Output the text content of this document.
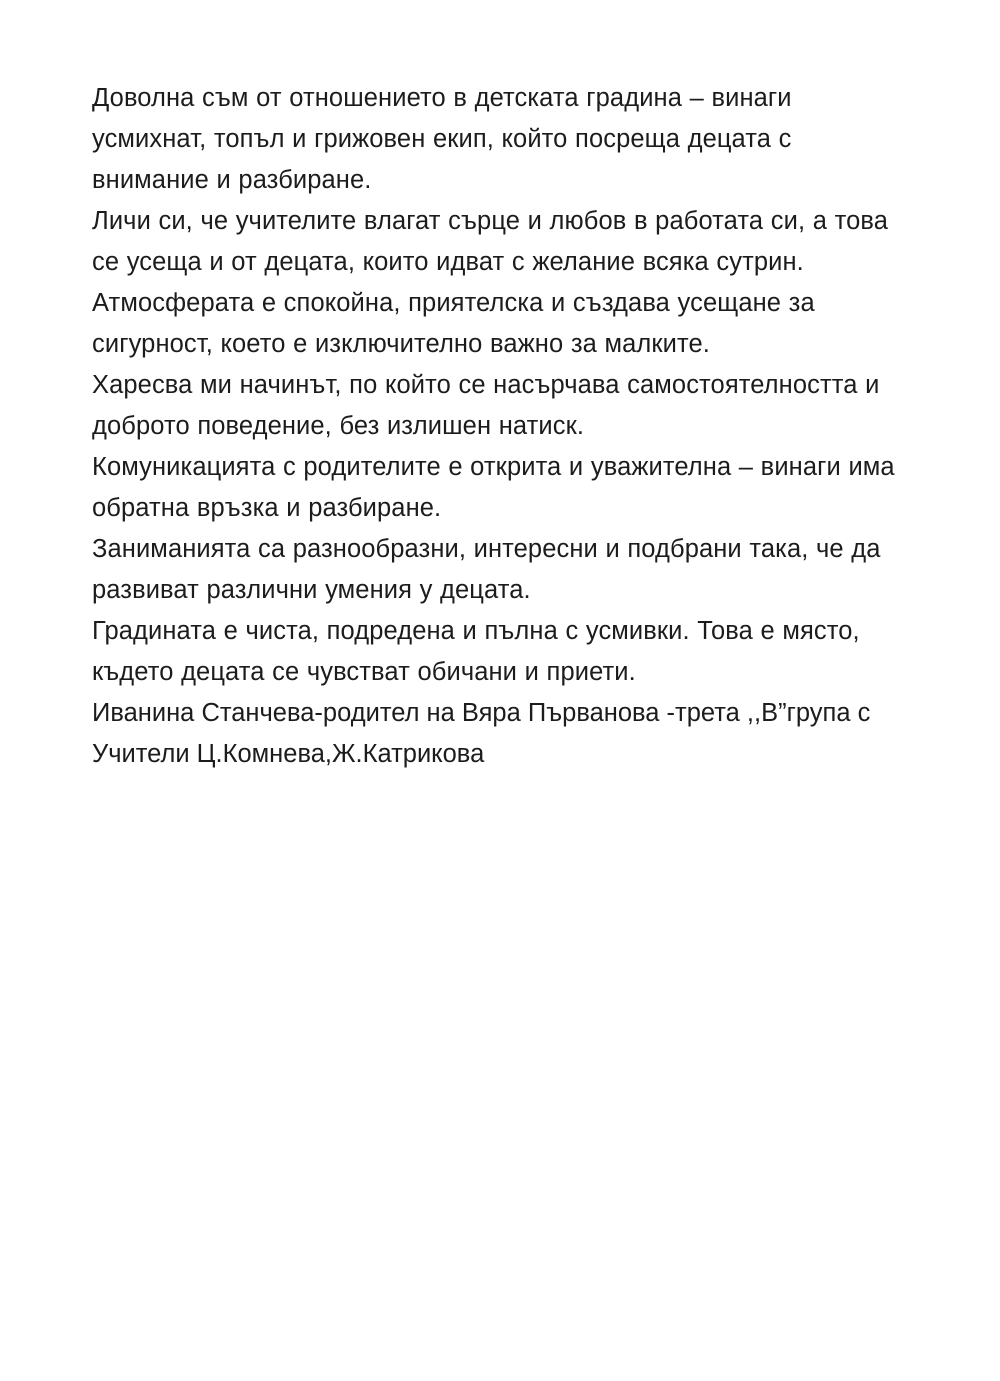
Доволна съм от отношението в детската градина – винаги усмихнат, топъл и грижовен екип, който посреща децата с внимание и разбиране.

Личи си, че учителите влагат сърце и любов в работата си, а това се усеща и от децата, които идват с желание всяка сутрин.

Атмосферата е спокойна, приятелска и създава усещане за сигурност, което е изключително важно за малките.

Харесва ми начинът, по който се насърчава самостоятелността и доброто поведение, без излишен натиск.

Комуникацията с родителите е открита и уважителна – винаги има обратна връзка и разбиране.

Заниманията са разнообразни, интересни и подбрани така, че да развиват различни умения у децата.

Градината е чиста, подредена и пълна с усмивки. Това е място, където децата се чувстват обичани и приети.

Иванина Станчева-родител на Вяра Първанова -трета ,,В”група с

Учители Ц.Комнева,Ж.Катрикова
